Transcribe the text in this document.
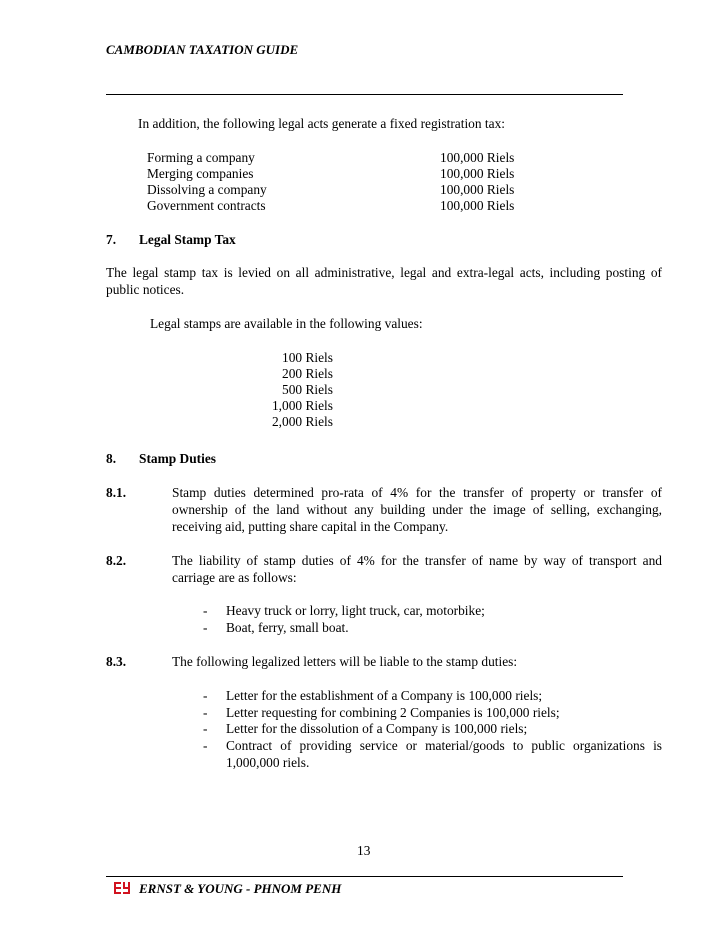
CAMBODIAN TAXATION GUIDE
In addition, the following legal acts generate a fixed registration tax:
Forming a company	100,000 Riels
Merging companies	100,000 Riels
Dissolving a company	100,000 Riels
Government contracts	100,000 Riels
7. Legal Stamp Tax
The legal stamp tax is levied on all administrative, legal and extra-legal acts, including posting of
public notices.
Legal stamps are available in the following values:
100 Riels
200 Riels
500 Riels
1,000 Riels
2,000 Riels
8. Stamp Duties
8.1.	Stamp duties determined pro-rata of 4% for the transfer of property or transfer of
ownership of the land without any building under the image of selling, exchanging,
receiving aid, putting share capital in the Company.
8.2.	The liability of stamp duties of 4% for the transfer of name by way of transport and
carriage are as follows:
- Heavy truck or lorry, light truck, car, motorbike;
- Boat, ferry, small boat.
8.3.	The following legalized letters will be liable to the stamp duties:
- Letter for the establishment of a Company is 100,000 riels;
- Letter requesting for combining 2 Companies is 100,000 riels;
- Letter for the dissolution of a Company is 100,000 riels;
- Contract of providing service or material/goods to public organizations is
1,000,000 riels.
13
ERNST & YOUNG - PHNOM PENH
